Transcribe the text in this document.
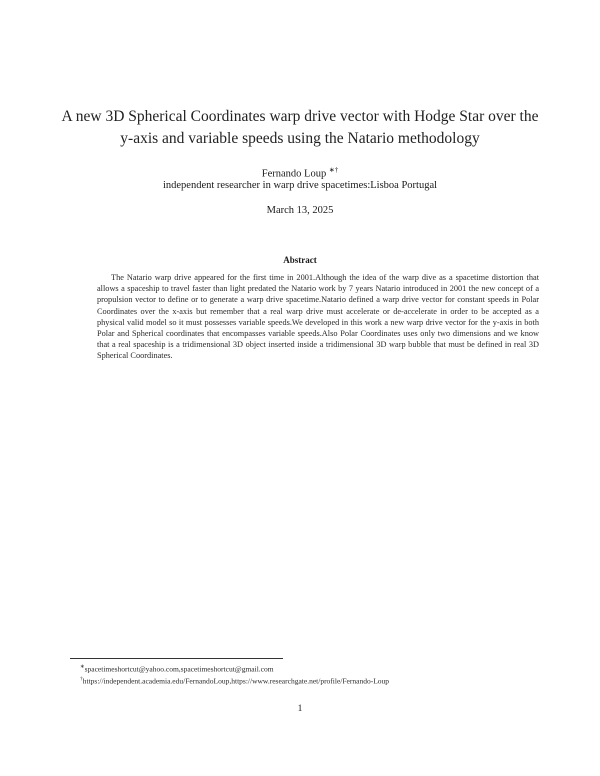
A new 3D Spherical Coordinates warp drive vector with Hodge Star over the y-axis and variable speeds using the Natario methodology
Fernando Loup ∗†
independent researcher in warp drive spacetimes:Lisboa Portugal
March 13, 2025
Abstract
The Natario warp drive appeared for the first time in 2001.Although the idea of the warp dive as a spacetime distortion that allows a spaceship to travel faster than light predated the Natario work by 7 years Natario introduced in 2001 the new concept of a propulsion vector to define or to generate a warp drive spacetime.Natario defined a warp drive vector for constant speeds in Polar Coordinates over the x-axis but remember that a real warp drive must accelerate or de-accelerate in order to be accepted as a physical valid model so it must possesses variable speeds.We developed in this work a new warp drive vector for the y-axis in both Polar and Spherical coordinates that encompasses variable speeds.Also Polar Coordinates uses only two dimensions and we know that a real spaceship is a tridimensional 3D object inserted inside a tridimensional 3D warp bubble that must be defined in real 3D Spherical Coordinates.
∗spacetimeshortcut@yahoo.com,spacetimeshortcut@gmail.com
†https://independent.academia.edu/FernandoLoup,https://www.researchgate.net/profile/Fernando-Loup
1
